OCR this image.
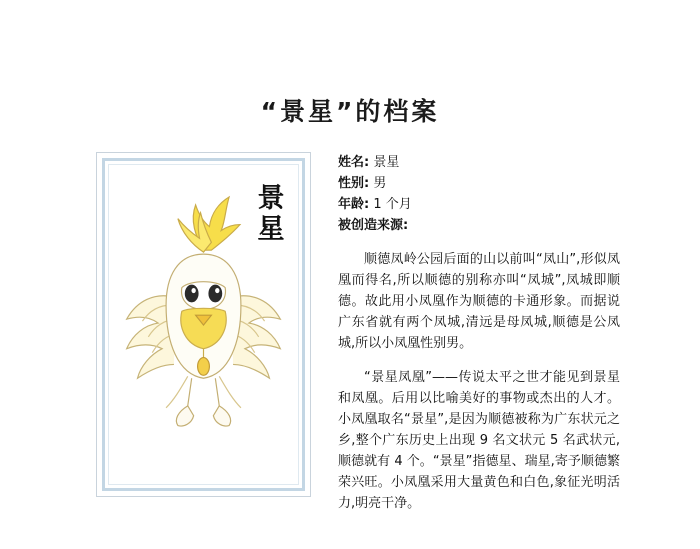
“景星”的档案
景星
姓名: 景星
性别: 男
年龄: 1 个月
被创造来源:

顺德凤岭公园后面的山以前叫“凤山”,形似凤凰而得名,所以顺德的别称亦叫“凤城”,凤城即顺德。故此用小凤凰作为顺德的卡通形象。而据说广东省就有两个凤城,清远是母凤城,顺德是公凤城,所以小凤凰性别男。

“景星凤凰”——传说太平之世才能见到景星和凤凰。后用以比喻美好的事物或杰出的人才。小凤凰取名“景星”,是因为顺德被称为广东状元之乡,整个广东历史上出现 9 名文状元 5 名武状元,顺德就有 4 个。“景星”指德星、瑞星,寄予顺德繁荣兴旺。小凤凰采用大量黄色和白色,象征光明活力,明亮干净。
